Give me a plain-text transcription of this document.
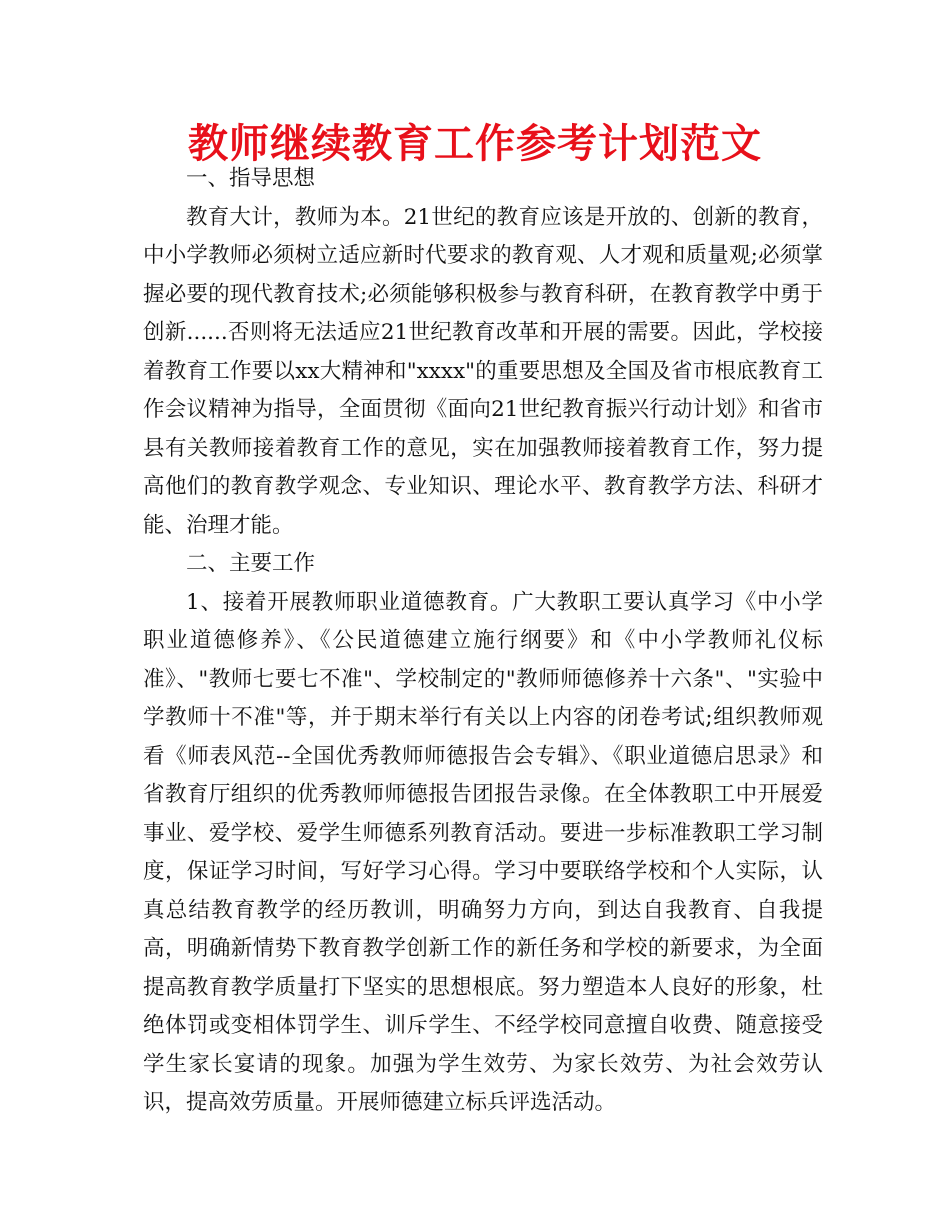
教师继续教育工作参考计划范文

一、指导思想

教育大计，教师为本。21世纪的教育应该是开放的、创新的教育，中小学教师必须树立适应新时代要求的教育观、人才观和质量观;必须掌握必要的现代教育技术;必须能够积极参与教育科研，在教育教学中勇于创新......否则将无法适应21世纪教育改革和开展的需要。因此，学校接着教育工作要以xx大精神和"xxxx"的重要思想及全国及省市根底教育工作会议精神为指导，全面贯彻《面向21世纪教育振兴行动计划》和省市县有关教师接着教育工作的意见，实在加强教师接着教育工作，努力提高他们的教育教学观念、专业知识、理论水平、教育教学方法、科研才能、治理才能。

二、主要工作

1、接着开展教师职业道德教育。广大教职工要认真学习《中小学职业道德修养》、《公民道德建立施行纲要》和《中小学教师礼仪标准》、"教师七要七不准"、学校制定的"教师师德修养十六条"、"实验中学教师十不准"等，并于期末举行有关以上内容的闭卷考试;组织教师观看《师表风范--全国优秀教师师德报告会专辑》、《职业道德启思录》和省教育厅组织的优秀教师师德报告团报告录像。在全体教职工中开展爱事业、爱学校、爱学生师德系列教育活动。要进一步标准教职工学习制度，保证学习时间，写好学习心得。学习中要联络学校和个人实际，认真总结教育教学的经历教训，明确努力方向，到达自我教育、自我提高，明确新情势下教育教学创新工作的新任务和学校的新要求，为全面提高教育教学质量打下坚实的思想根底。努力塑造本人良好的形象，杜绝体罚或变相体罚学生、训斥学生、不经学校同意擅自收费、随意接受学生家长宴请的现象。加强为学生效劳、为家长效劳、为社会效劳认识，提高效劳质量。开展师德建立标兵评选活动。
